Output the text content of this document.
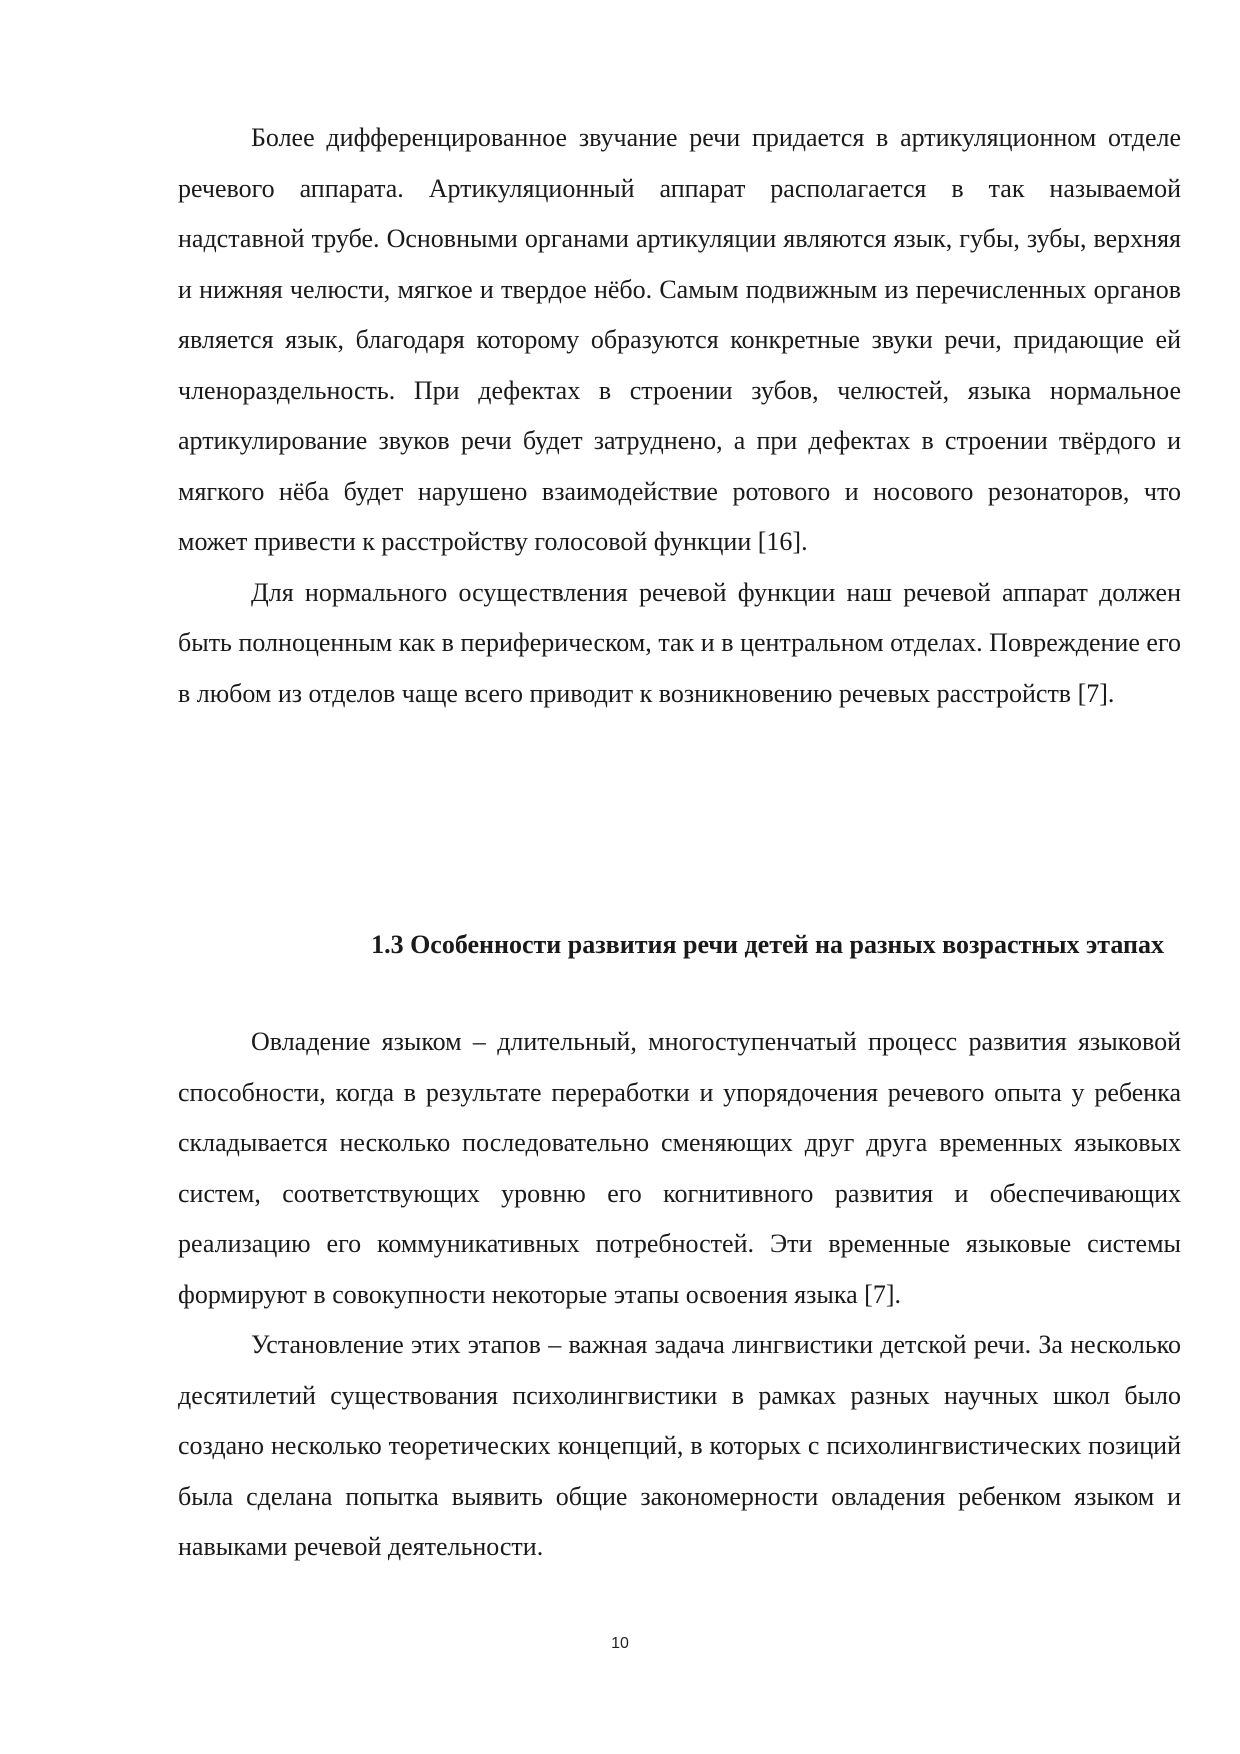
Более дифференцированное звучание речи придается в артикуляционном отделе речевого аппарата. Артикуляционный аппарат располагается в так называемой надставной трубе. Основными органами артикуляции являются язык, губы, зубы, верхняя и нижняя челюсти, мягкое и твердое нёбо. Самым подвижным из перечисленных органов является язык, благодаря которому образуются конкретные звуки речи, придающие ей членораздельность. При дефектах в строении зубов, челюстей, языка нормальное артикулирование звуков речи будет затруднено, а при дефектах в строении твёрдого и мягкого нёба будет нарушено взаимодействие ротового и носового резонаторов, что может привести к расстройству голосовой функции [16].

Для нормального осуществления речевой функции наш речевой аппарат должен быть полноценным как в периферическом, так и в центральном отделах. Повреждение его в любом из отделов чаще всего приводит к возникновению речевых расстройств [7].

1.3 Особенности развития речи детей на разных возрастных этапах

Овладение языком – длительный, многоступенчатый процесс развития языковой способности, когда в результате переработки и упорядочения речевого опыта у ребенка складывается несколько последовательно сменяющих друг друга временных языковых систем, соответствующих уровню его когнитивного развития и обеспечивающих реализацию его коммуникативных потребностей. Эти временные языковые системы формируют в совокупности некоторые этапы освоения языка [7].

Установление этих этапов – важная задача лингвистики детской речи. За несколько десятилетий существования психолингвистики в рамках разных научных школ было создано несколько теоретических концепций, в которых с психолингвистических позиций была сделана попытка выявить общие закономерности овладения ребенком языком и навыками речевой деятельности.

10
